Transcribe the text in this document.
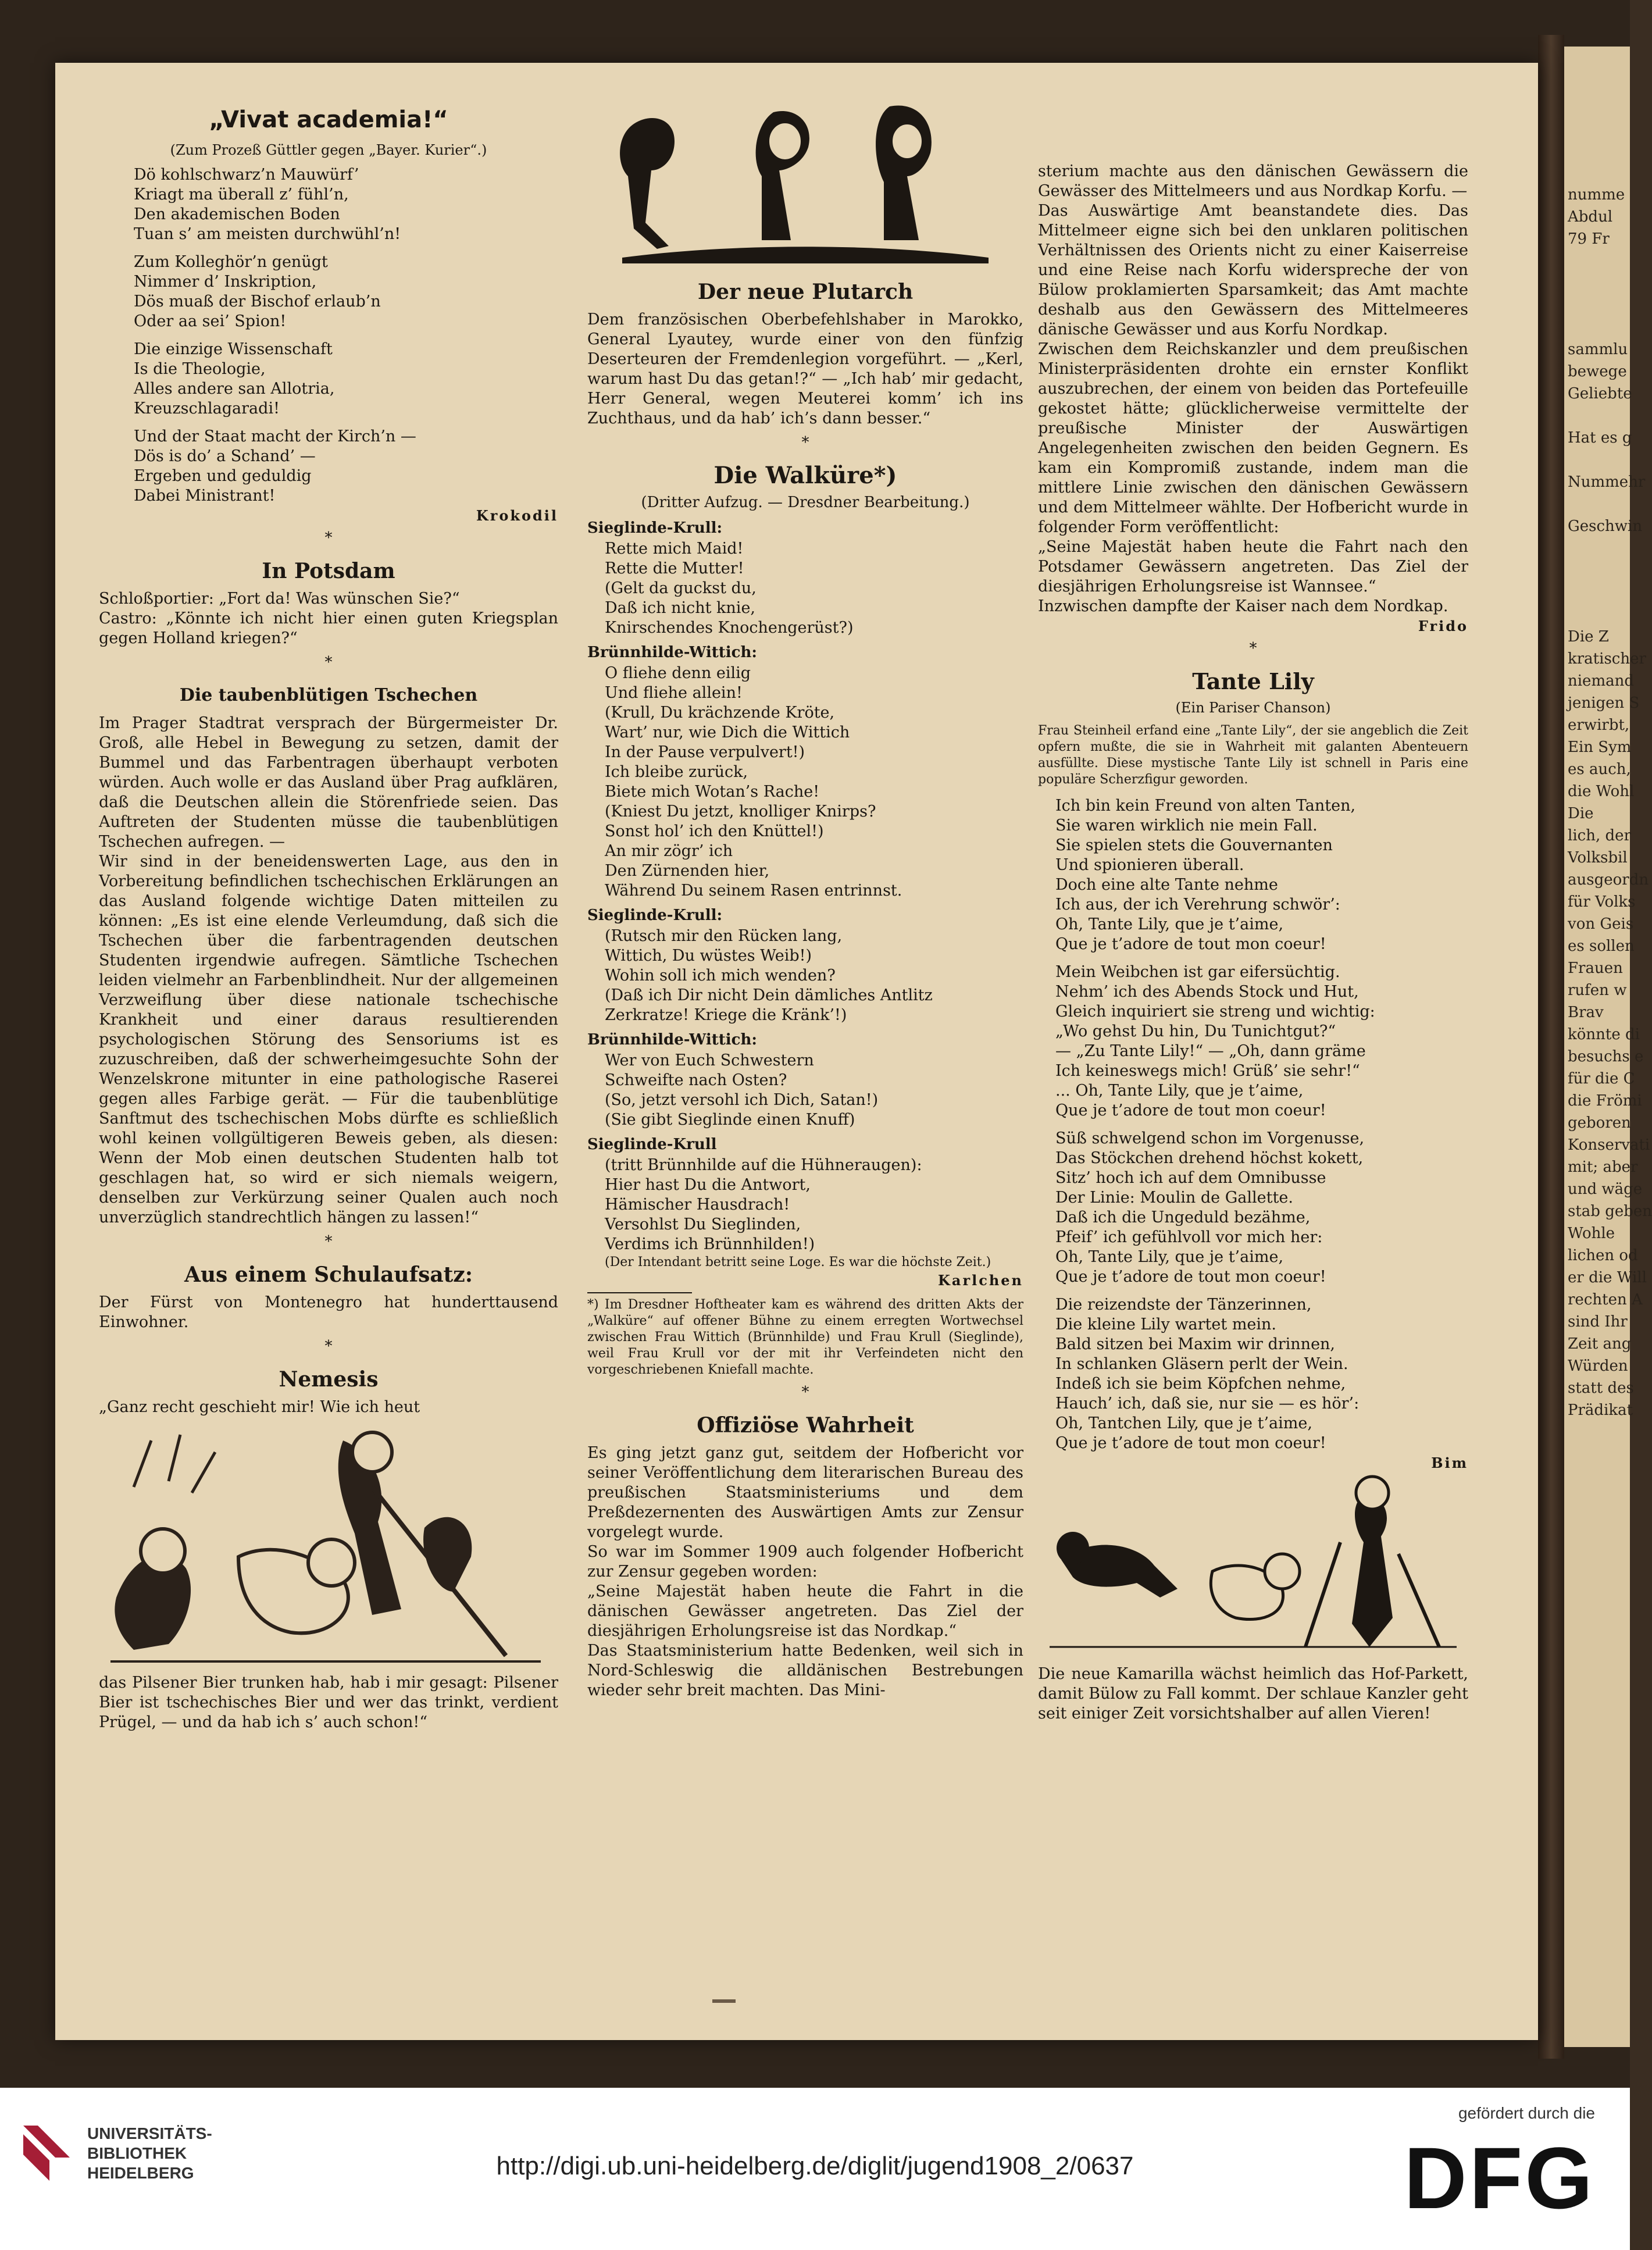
numme
Abdul
79 Fr
sammlu
bewege
Geliebte
Hat es g
Nummehr
Geschwin
Die Z
kratischer
niemand
jenigen S
erwirbt,
Ein Sym
es auch,
die Wohl
Die
lich, der
Volksbil
ausgeordn
für Volks
von Geis
es sollen
Frauen
rufen w
Brav
könnte di
besuchs e
für die C
die Frömi
geboren
Konservati
mit; aber
und wäge
stab geben
Wohle
lichen od
er die Will
rechten A
sind Ihr
Zeit ang
Würden
statt des
Prädikat
„Vivat academia!“
(Zum Prozeß Güttler gegen „Bayer. Kurier“.)
Dö kohlschwarz’n Mauwürf’
Kriagt ma überall z’ fühl’n,
Den akademischen Boden
Tuan s’ am meisten durchwühl’n!
Zum Kolleghör’n genügt
Nimmer d’ Inskription,
Dös muaß der Bischof erlaub’n
Oder aa sei’ Spion!
Die einzige Wissenschaft
Is die Theologie,
Alles andere san Allotria,
Kreuzschlagaradi!
Und der Staat macht der Kirch’n —
Dös is do’ a Schand’ —
Ergeben und geduldig
Dabei Ministrant!
Krokodil
*
In Potsdam

Schloßportier: „Fort da! Was wünschen Sie?“

Castro: „Könnte ich nicht hier einen guten Kriegsplan gegen Holland kriegen?“

*
Die taubenblütigen Tschechen

Im Prager Stadtrat versprach der Bürgermeister Dr. Groß, alle Hebel in Bewegung zu setzen, damit der Bummel und das Farbentragen überhaupt verboten würden. Auch wolle er das Ausland über Prag aufklären, daß die Deutschen allein die Störenfriede seien. Das Auftreten der Studenten müsse die taubenblütigen Tschechen aufregen. —

Wir sind in der beneidenswerten Lage, aus den in Vorbereitung befindlichen tschechischen Erklärungen an das Ausland folgende wichtige Daten mitteilen zu können: „Es ist eine elende Verleumdung, daß sich die Tschechen über die farbentragenden deutschen Studenten irgendwie aufregen. Sämtliche Tschechen leiden vielmehr an Farbenblindheit. Nur der allgemeinen Verzweiflung über diese nationale tschechische Krankheit und einer daraus resultierenden psychologischen Störung des Sensoriums ist es zuzuschreiben, daß der schwerheimgesuchte Sohn der Wenzelskrone mitunter in eine pathologische Raserei gegen alles Farbige gerät. — Für die taubenblütige Sanftmut des tschechischen Mobs dürfte es schließlich wohl keinen vollgültigeren Beweis geben, als diesen: Wenn der Mob einen deutschen Studenten halb tot geschlagen hat, so wird er sich niemals weigern, denselben zur Verkürzung seiner Qualen auch noch unverzüglich standrechtlich hängen zu lassen!“

*
Aus einem Schulaufsatz:

Der Fürst von Montenegro hat hunderttausend Einwohner.

*
Nemesis

„Ganz recht geschieht mir! Wie ich heut

das Pilsener Bier trunken hab, hab i mir gesagt: Pilsener Bier ist tschechisches Bier und wer das trinkt, verdient Prügel, — und da hab ich s’ auch schon!“

Der neue Plutarch

Dem französischen Oberbefehlshaber in Marokko, General Lyautey, wurde einer von den fünfzig Deserteuren der Fremdenlegion vorgeführt. — „Kerl, warum hast Du das getan!?“ — „Ich hab’ mir gedacht, Herr General, wegen Meuterei komm’ ich ins Zuchthaus, und da hab’ ich’s dann besser.“

*
Die Walküre*)
(Dritter Aufzug. — Dresdner Bearbeitung.)
Sieglinde-Krull:
Rette mich Maid!
Rette die Mutter!
(Gelt da guckst du,
Daß ich nicht knie,
Knirschendes Knochengerüst?)
Brünnhilde-Wittich:
O fliehe denn eilig
Und fliehe allein!
(Krull, Du krächzende Kröte,
Wart’ nur, wie Dich die Wittich
In der Pause verpulvert!)
Ich bleibe zurück,
Biete mich Wotan’s Rache!
(Kniest Du jetzt, knolliger Knirps?
Sonst hol’ ich den Knüttel!)
An mir zögr’ ich
Den Zürnenden hier,
Während Du seinem Rasen entrinnst.
Sieglinde-Krull:
(Rutsch mir den Rücken lang,
Wittich, Du wüstes Weib!)
Wohin soll ich mich wenden?
(Daß ich Dir nicht Dein dämliches Antlitz
Zerkratze! Kriege die Kränk’!)
Brünnhilde-Wittich:
Wer von Euch Schwestern
Schweifte nach Osten?
(So, jetzt versohl ich Dich, Satan!)
(Sie gibt Sieglinde einen Knuff)
Sieglinde-Krull
(tritt Brünnhilde auf die Hühneraugen):
Hier hast Du die Antwort,
Hämischer Hausdrach!
Versohlst Du Sieglinden,
Verdims ich Brünnhilden!)

(Der Intendant betritt seine Loge. Es war die höchste Zeit.)

Karlchen

*) Im Dresdner Hoftheater kam es während des dritten Akts der „Walküre“ auf offener Bühne zu einem erregten Wortwechsel zwischen Frau Wittich (Brünnhilde) und Frau Krull (Sieglinde), weil Frau Krull vor der mit ihr Verfeindeten nicht den vorgeschriebenen Kniefall machte.

*
Offiziöse Wahrheit

Es ging jetzt ganz gut, seitdem der Hofbericht vor seiner Veröffentlichung dem literarischen Bureau des preußischen Staatsministeriums und dem Preßdezernenten des Auswärtigen Amts zur Zensur vorgelegt wurde.

So war im Sommer 1909 auch folgender Hofbericht zur Zensur gegeben worden:

„Seine Majestät haben heute die Fahrt in die dänischen Gewässer angetreten. Das Ziel der diesjährigen Erholungsreise ist das Nordkap.“

Das Staatsministerium hatte Bedenken, weil sich in Nord-Schleswig die alldänischen Bestrebungen wieder sehr breit machten. Das Mini-

sterium machte aus den dänischen Gewässern die Gewässer des Mittelmeers und aus Nordkap Korfu. —

Das Auswärtige Amt beanstandete dies. Das Mittelmeer eigne sich bei den unklaren politischen Verhältnissen des Orients nicht zu einer Kaiserreise und eine Reise nach Korfu widerspreche der von Bülow proklamierten Sparsamkeit; das Amt machte deshalb aus den Gewässern des Mittelmeeres dänische Gewässer und aus Korfu Nordkap.

Zwischen dem Reichskanzler und dem preußischen Ministerpräsidenten drohte ein ernster Konflikt auszubrechen, der einem von beiden das Portefeuille gekostet hätte; glücklicherweise vermittelte der preußische Minister der Auswärtigen Angelegenheiten zwischen den beiden Gegnern. Es kam ein Kompromiß zustande, indem man die mittlere Linie zwischen den dänischen Gewässern und dem Mittelmeer wählte. Der Hofbericht wurde in folgender Form veröffentlicht:

„Seine Majestät haben heute die Fahrt nach den Potsdamer Gewässern angetreten. Das Ziel der diesjährigen Erholungsreise ist Wannsee.“

Inzwischen dampfte der Kaiser nach dem Nordkap.

Frido
*
Tante Lily
(Ein Pariser Chanson)

Frau Steinheil erfand eine „Tante Lily“, der sie angeblich die Zeit opfern mußte, die sie in Wahrheit mit galanten Abenteuern ausfüllte. Diese mystische Tante Lily ist schnell in Paris eine populäre Scherzfigur geworden.

Ich bin kein Freund von alten Tanten,
Sie waren wirklich nie mein Fall.
Sie spielen stets die Gouvernanten
Und spionieren überall.
Doch eine alte Tante nehme
Ich aus, der ich Verehrung schwör’:
Oh, Tante Lily, que je t’aime,
Que je t’adore de tout mon coeur!
Mein Weibchen ist gar eifersüchtig.
Nehm’ ich des Abends Stock und Hut,
Gleich inquiriert sie streng und wichtig:
„Wo gehst Du hin, Du Tunichtgut?“
— „Zu Tante Lily!“ — „Oh, dann gräme
Ich keineswegs mich! Grüß’ sie sehr!“
... Oh, Tante Lily, que je t’aime,
Que je t’adore de tout mon coeur!
Süß schwelgend schon im Vorgenusse,
Das Stöckchen drehend höchst kokett,
Sitz’ hoch ich auf dem Omnibusse
Der Linie: Moulin de Gallette.
Daß ich die Ungeduld bezähme,
Pfeif’ ich gefühlvoll vor mich her:
Oh, Tante Lily, que je t’aime,
Que je t’adore de tout mon coeur!
Die reizendste der Tänzerinnen,
Die kleine Lily wartet mein.
Bald sitzen bei Maxim wir drinnen,
In schlanken Gläsern perlt der Wein.
Indeß ich sie beim Köpfchen nehme,
Hauch’ ich, daß sie, nur sie — es hör’:
Oh, Tantchen Lily, que je t’aime,
Que je t’adore de tout mon coeur!
Bim

Die neue Kamarilla wächst heimlich das Hof-Parkett, damit Bülow zu Fall kommt. Der schlaue Kanzler geht seit einiger Zeit vorsichtshalber auf allen Vieren!

UNIVERSITÄTS-
BIBLIOTHEK
HEIDELBERG	http://digi.ub.uni-heidelberg.de/diglit/jugend1908_2/0637
gefördert durch die
DFG
